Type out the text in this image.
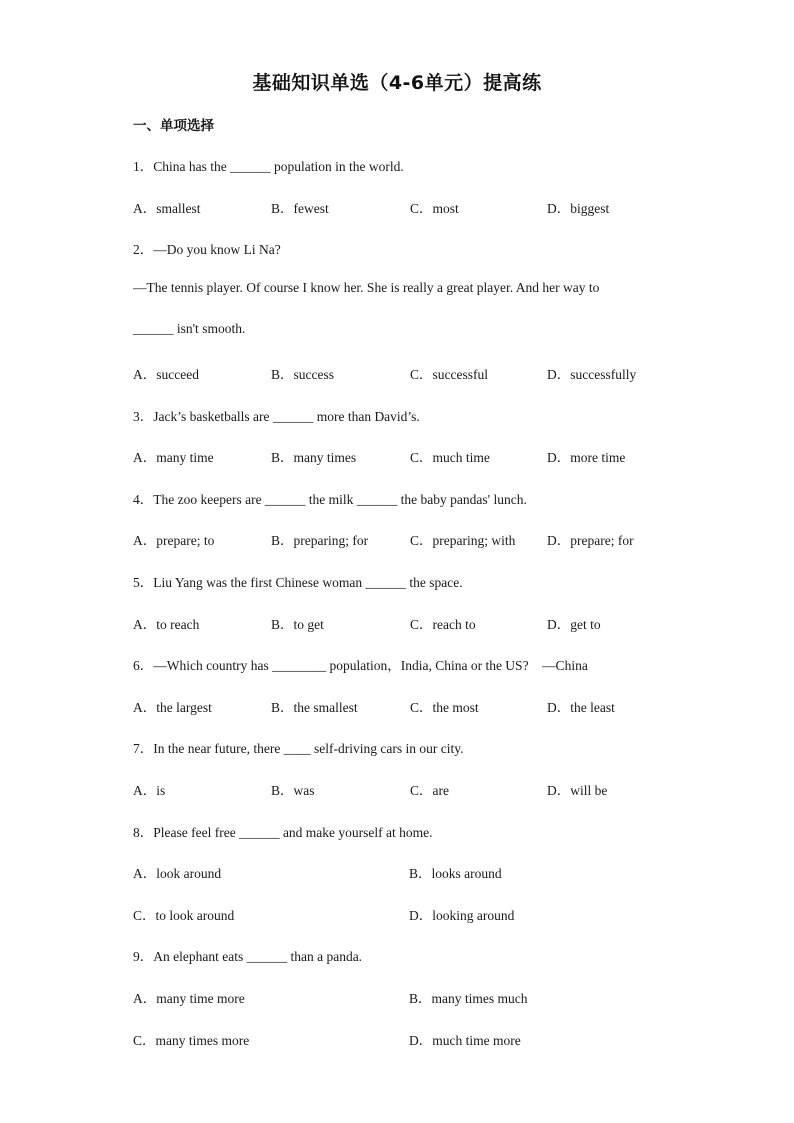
基础知识单选（4-6单元）提高练
一、单项选择
1．China has the ______ population in the world.
A．smallest	B．fewest	C．most	D．biggest
2．—Do you know Li Na?
—The tennis player. Of course I know her. She is really a great player. And her way to
______ isn't smooth.
A．succeed	B．success	C．successful	D．successfully
3．Jack’s basketballs are ______ more than David’s.
A．many time	B．many times	C．much time	D．more time
4．The zoo keepers are ______ the milk ______ the baby pandas' lunch.
A．prepare; to	B．preparing; for	C．preparing; with D．prepare; for
5．Liu Yang was the first Chinese woman ______ the space.
A．to reach	B．to get	C．reach to	D．get to
6．—Which country has ________ population，India, China or the US?　—China
A．the largest	B．the smallest	C．the most	D．the least
7．In the near future, there ____ self-driving cars in our city.
A．is	B．was	C．are	D．will be
8．Please feel free ______ and make yourself at home.
A．look around	B．looks around
C．to look around	D．looking around
9．An elephant eats ______ than a panda.
A．many time more	B．many times much
C．many times more	D．much time more
